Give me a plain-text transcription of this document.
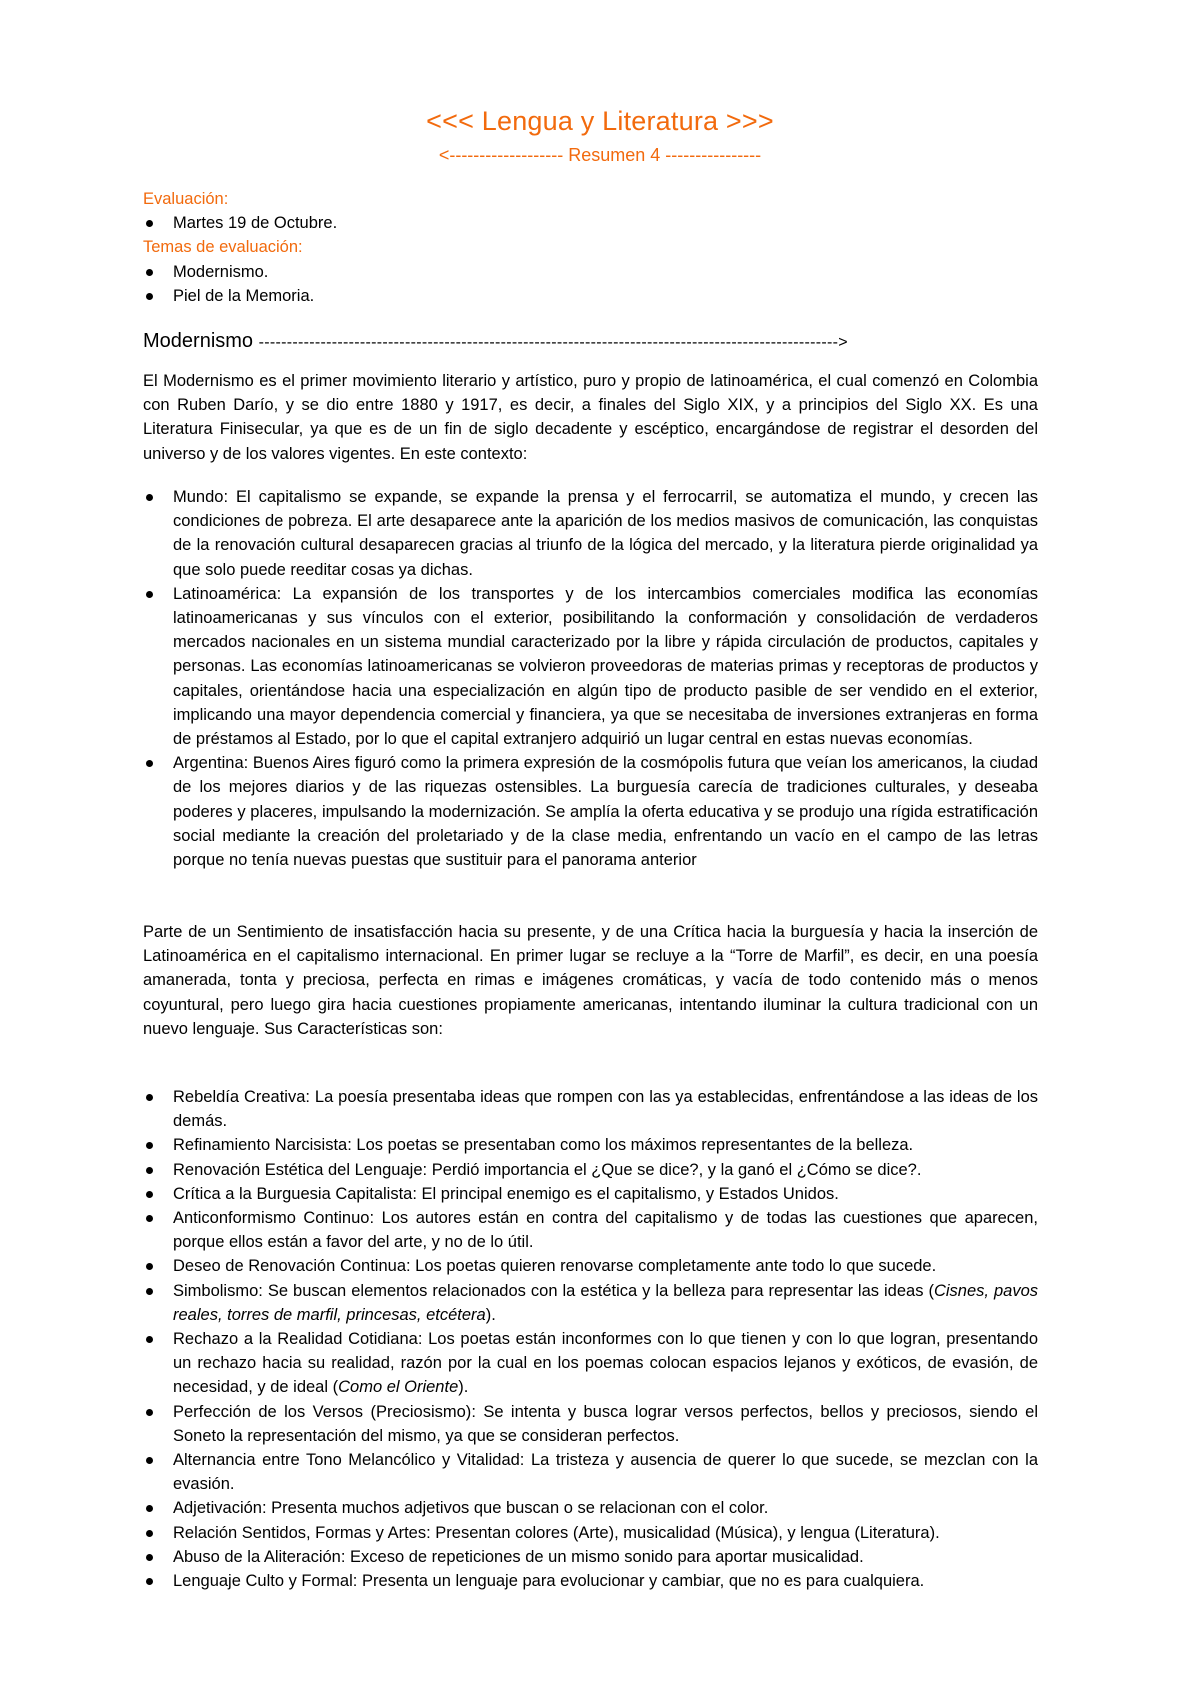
<<< Lengua y Literatura >>>
<------------------- Resumen 4 ----------------
Evaluación:
Martes 19 de Octubre.
Temas de evaluación:
Modernismo.
Piel de la Memoria.
Modernismo ------------------------------------------------------------------------------------------------------->

El Modernismo es el primer movimiento literario y artístico, puro y propio de latinoamérica, el cual comenzó en Colombia con Ruben Darío, y se dio entre 1880 y 1917, es decir, a finales del Siglo XIX, y a principios del Siglo XX. Es una Literatura Finisecular, ya que es de un fin de siglo decadente y escéptico, encargándose de registrar el desorden del universo y de los valores vigentes. En este contexto:

Mundo: El capitalismo se expande, se expande la prensa y el ferrocarril, se automatiza el mundo, y crecen las condiciones de pobreza. El arte desaparece ante la aparición de los medios masivos de comunicación, las conquistas de la renovación cultural desaparecen gracias al triunfo de la lógica del mercado, y la literatura pierde originalidad ya que solo puede reeditar cosas ya dichas.
Latinoamérica: La expansión de los transportes y de los intercambios comerciales modifica las economías latinoamericanas y sus vínculos con el exterior, posibilitando la conformación y consolidación de verdaderos mercados nacionales en un sistema mundial caracterizado por la libre y rápida circulación de productos, capitales y personas. Las economías latinoamericanas se volvieron proveedoras de materias primas y receptoras de productos y capitales, orientándose hacia una especialización en algún tipo de producto pasible de ser vendido en el exterior, implicando una mayor dependencia comercial y financiera, ya que se necesitaba de inversiones extranjeras en forma de préstamos al Estado, por lo que el capital extranjero adquirió un lugar central en estas nuevas economías.
Argentina: Buenos Aires figuró como la primera expresión de la cosmópolis futura que veían los americanos, la ciudad de los mejores diarios y de las riquezas ostensibles. La burguesía carecía de tradiciones culturales, y deseaba poderes y placeres, impulsando la modernización. Se amplía la oferta educativa y se produjo una rígida estratificación social mediante la creación del proletariado y de la clase media, enfrentando un vacío en el campo de las letras porque no tenía nuevas puestas que sustituir para el panorama anterior

Parte de un Sentimiento de insatisfacción hacia su presente, y de una Crítica hacia la burguesía y hacia la inserción de Latinoamérica en el capitalismo internacional. En primer lugar se recluye a la “Torre de Marfil”, es decir, en una poesía amanerada, tonta y preciosa, perfecta en rimas e imágenes cromáticas, y vacía de todo contenido más o menos coyuntural, pero luego gira hacia cuestiones propiamente americanas, intentando iluminar la cultura tradicional con un nuevo lenguaje. Sus Características son:

Rebeldía Creativa: La poesía presentaba ideas que rompen con las ya establecidas, enfrentándose a las ideas de los demás.
Refinamiento Narcisista: Los poetas se presentaban como los máximos representantes de la belleza.
Renovación Estética del Lenguaje: Perdió importancia el ¿Que se dice?, y la ganó el ¿Cómo se dice?.
Crítica a la Burguesia Capitalista: El principal enemigo es el capitalismo, y Estados Unidos.
Anticonformismo Continuo: Los autores están en contra del capitalismo y de todas las cuestiones que aparecen, porque ellos están a favor del arte, y no de lo útil.
Deseo de Renovación Continua: Los poetas quieren renovarse completamente ante todo lo que sucede.
Simbolismo: Se buscan elementos relacionados con la estética y la belleza para representar las ideas (Cisnes, pavos reales, torres de marfil, princesas, etcétera).
Rechazo a la Realidad Cotidiana: Los poetas están inconformes con lo que tienen y con lo que logran, presentando un rechazo hacia su realidad, razón por la cual en los poemas colocan espacios lejanos y exóticos, de evasión, de necesidad, y de ideal (Como el Oriente).
Perfección de los Versos (Preciosismo): Se intenta y busca lograr versos perfectos, bellos y preciosos, siendo el Soneto la representación del mismo, ya que se consideran perfectos.
Alternancia entre Tono Melancólico y Vitalidad: La tristeza y ausencia de querer lo que sucede, se mezclan con la evasión.
Adjetivación: Presenta muchos adjetivos que buscan o se relacionan con el color.
Relación Sentidos, Formas y Artes: Presentan colores (Arte), musicalidad (Música), y lengua (Literatura).
Abuso de la Aliteración: Exceso de repeticiones de un mismo sonido para aportar musicalidad.
Lenguaje Culto y Formal: Presenta un lenguaje para evolucionar y cambiar, que no es para cualquiera.
